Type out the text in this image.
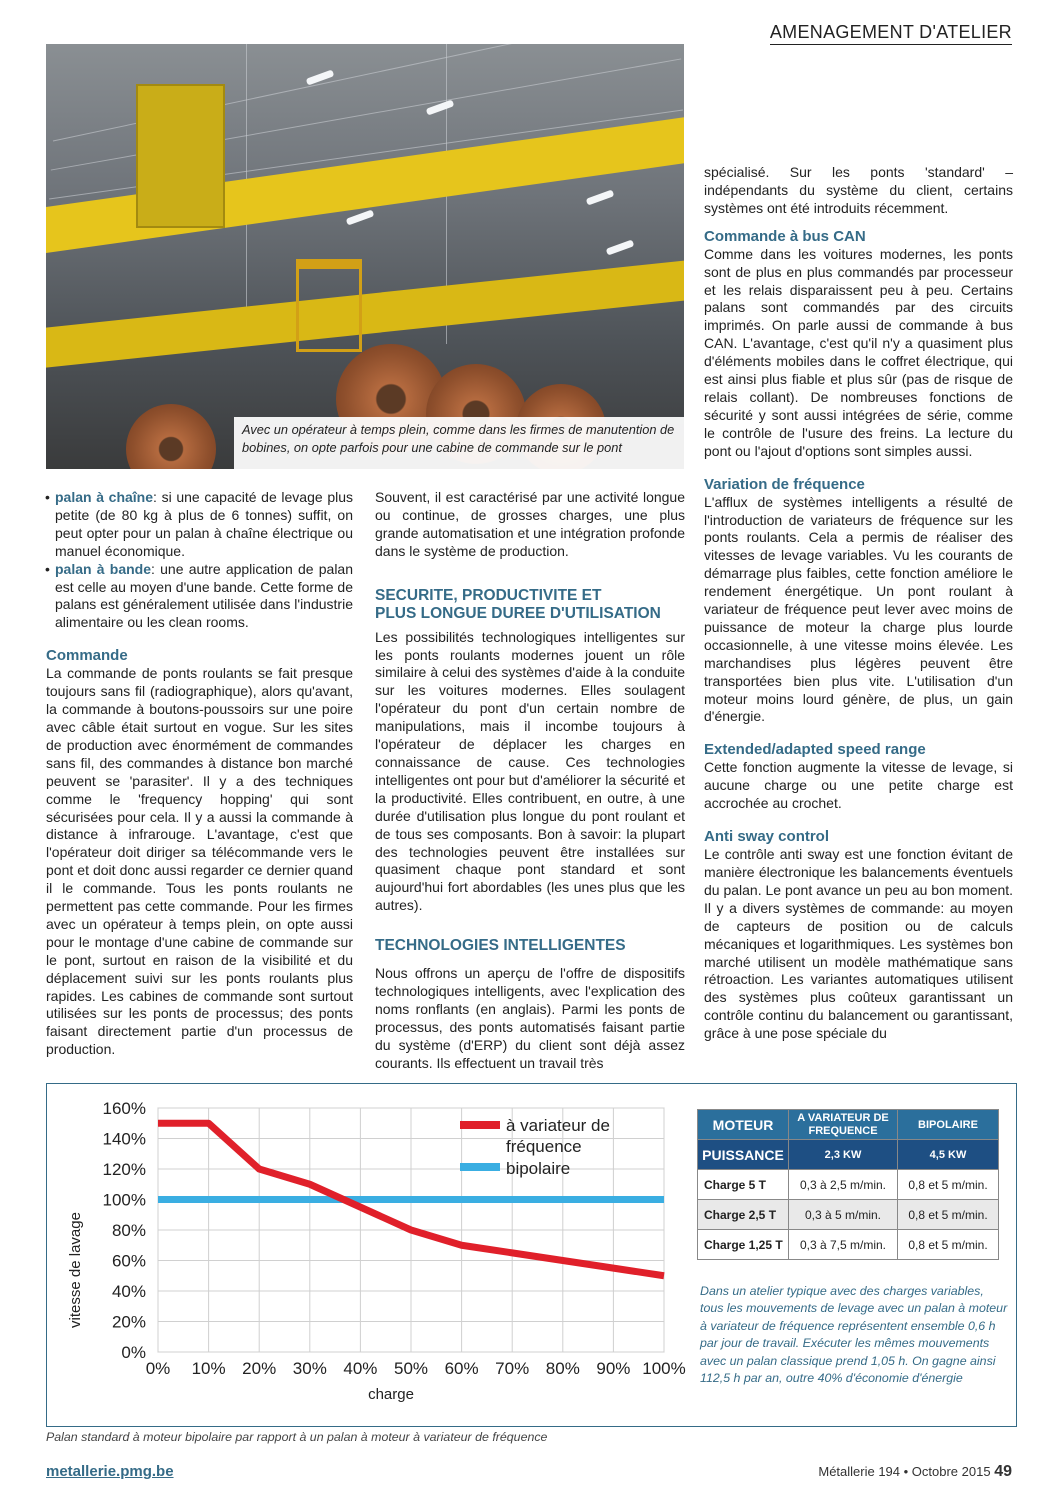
AMENAGEMENT D'ATELIER
Avec un opérateur à temps plein, comme dans les firmes de manutention de bobines, on opte parfois pour une cabine de commande sur le pont

• palan à chaîne: si une capacité de levage plus petite (de 80 kg à plus de 6 tonnes) suffit, on peut opter pour un palan à chaîne électrique ou manuel économique.

• palan à bande: une autre application de palan est celle au moyen d'une bande. Cette forme de palans est généralement utilisée dans l'industrie alimentaire ou les clean rooms.

Commande

La commande de ponts roulants se fait presque toujours sans fil (radiographique), alors qu'avant, la commande à boutons-poussoirs sur une poire avec câble était surtout en vogue. Sur les sites de production avec énormément de commandes sans fil, des commandes à distance bon marché peuvent se 'parasiter'. Il y a des techniques comme le 'frequency hopping' qui sont sécurisées pour cela. Il y a aussi la commande à distance à infrarouge. L'avantage, c'est que l'opérateur doit diriger sa télécommande vers le pont et doit donc aussi regarder ce dernier quand il le commande. Tous les ponts roulants ne permettent pas cette commande. Pour les firmes avec un opérateur à temps plein, on opte aussi pour le montage d'une cabine de commande sur le pont, surtout en raison de la visibilité et du déplacement suivi sur les ponts roulants plus rapides. Les cabines de commande sont surtout utilisées sur les ponts de processus; des ponts faisant directement partie d'un processus de production.

Souvent, il est caractérisé par une activité longue ou continue, de grosses charges, une plus grande automatisation et une intégration profonde dans le système de production.

SECURITE, PRODUCTIVITE ET
PLUS LONGUE DUREE D'UTILISATION

Les possibilités technologiques intelligentes sur les ponts roulants modernes jouent un rôle similaire à celui des systèmes d'aide à la conduite sur les voitures modernes. Elles soulagent l'opérateur du pont d'un certain nombre de manipulations, mais il incombe toujours à l'opérateur de déplacer les charges en connaissance de cause. Ces technologies intelligentes ont pour but d'améliorer la sécurité et la productivité. Elles contribuent, en outre, à une durée d'utilisation plus longue du pont roulant et de tous ses composants. Bon à savoir: la plupart des technologies peuvent être installées sur quasiment chaque pont standard et sont aujourd'hui fort abordables (les unes plus que les autres).

TECHNOLOGIES INTELLIGENTES

Nous offrons un aperçu de l'offre de dispositifs technologiques intelligents, avec l'explication des noms ronflants (en anglais). Parmi les ponts de processus, des ponts automatisés faisant partie du système (d'ERP) du client sont déjà assez courants. Ils effectuent un travail très

spécialisé. Sur les ponts 'standard' – indépendants du système du client, certains systèmes ont été introduits récemment.

Commande à bus CAN

Comme dans les voitures modernes, les ponts sont de plus en plus commandés par processeur et les relais disparaissent peu à peu. Certains palans sont commandés par des circuits imprimés. On parle aussi de commande à bus CAN. L'avantage, c'est qu'il n'y a quasiment plus d'éléments mobiles dans le coffret électrique, qui est ainsi plus fiable et plus sûr (pas de risque de relais collant). De nombreuses fonctions de sécurité y sont aussi intégrées de série, comme le contrôle de l'usure des freins. La lecture du pont ou l'ajout d'options sont simples aussi.

Variation de fréquence

L'afflux de systèmes intelligents a résulté de l'introduction de variateurs de fréquence sur les ponts roulants. Cela a permis de réaliser des vitesses de levage variables. Vu les courants de démarrage plus faibles, cette fonction améliore le rendement énergétique. Un pont roulant à variateur de fréquence peut lever avec moins de puissance de moteur la charge plus lourde occasionnelle, à une vitesse moins élevée. Les marchandises plus légères peuvent être transportées bien plus vite. L'utilisation d'un moteur moins lourd génère, de plus, un gain d'énergie.

Extended/adapted speed range

Cette fonction augmente la vitesse de levage, si aucune charge ou une petite charge est accrochée au crochet.

Anti sway control

Le contrôle anti sway est une fonction évitant de manière électronique les balancements éventuels du palan. Le pont avance un peu au bon moment. Il y a divers systèmes de commande: au moyen de capteurs de position ou de calculs mécaniques et logarithmiques. Les systèmes bon marché utilisent un modèle mathématique sans rétroaction. Les variantes automatiques utilisent des systèmes plus coûteux garantissant un contrôle continu du balancement ou garantissant, grâce à une pose spéciale du

0%
20%
40%
60%
80%
100%
120%
140%
160%
0% 10% 20% 30% 40% 50% 60% 70% 80% 90% 100%
vitesse de lavage
charge
à variateur de
fréquence
bipolaire
MOTEUR	A VARIATEUR DE FREQUENCE	BIPOLAIRE
PUISSANCE	2,3 KW	4,5 KW
Charge 5 T	0,3 à 2,5 m/min.	0,8 et 5 m/min.
Charge 2,5 T	0,3 à 5 m/min.	0,8 et 5 m/min.
Charge 1,25 T	0,3 à 7,5 m/min.	0,8 et 5 m/min.
Dans un atelier typique avec des charges variables, tous les mouvements de levage avec un palan à moteur à variateur de fréquence représentent ensemble 0,6 h par jour de travail. Exécuter les mêmes mouvements avec un palan classique prend 1,05 h. On gagne ainsi 112,5 h par an, outre 40% d'économie d'énergie
Palan standard à moteur bipolaire par rapport à un palan à moteur à variateur de fréquence
metallerie.pmg.be	Métallerie 194 • Octobre 2015 49
